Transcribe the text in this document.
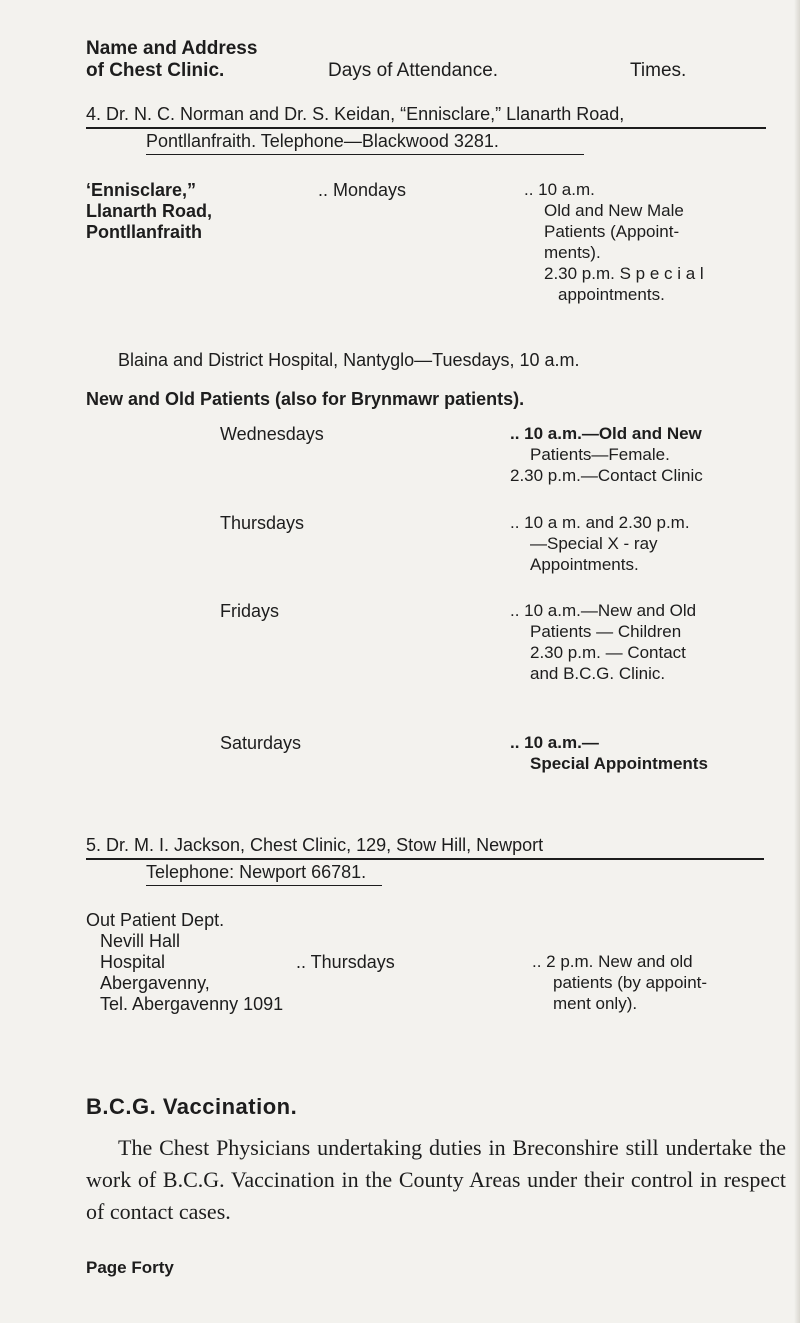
Name and Address
of Chest Clinic.	Days of Attendance.	Times.
4. Dr. N. C. Norman and Dr. S. Keidan, “Ennisclare,” Llanarth Road,
Pontllanfraith. Telephone—Blackwood 3281.
‘Ennisclare,”
Llanarth Road,
Pontllanfraith
.. Mondays	.. 10 a.m.
Old and New Male
Patients (Appoint-
ments).
2.30 p.m. S p e c i a l
appointments.
Blaina and District Hospital, Nantyglo—Tuesdays, 10 a.m.
New and Old Patients (also for Brynmawr patients).
Wednesdays	.. 10 a.m.—Old and New
Patients—Female.
2.30 p.m.—Contact Clinic
Thursdays	.. 10 a m. and 2.30 p.m.
—Special X - ray
Appointments.
Fridays	.. 10 a.m.—New and Old
Patients — Children
2.30 p.m. — Contact
and B.C.G. Clinic.
Saturdays	.. 10 a.m.—
Special Appointments
5. Dr. M. I. Jackson, Chest Clinic, 129, Stow Hill, Newport
Telephone: Newport 66781.
Out Patient Dept.
Nevill Hall
Hospital
Abergavenny,
Tel. Abergavenny 1091
.. Thursdays	.. 2 p.m. New and old
patients (by appoint-
ment only).
B.C.G. Vaccination.
The Chest Physicians undertaking duties in Breconshire still undertake the work of B.C.G. Vaccination in the County Areas under their control in respect of contact cases.
Page Forty
